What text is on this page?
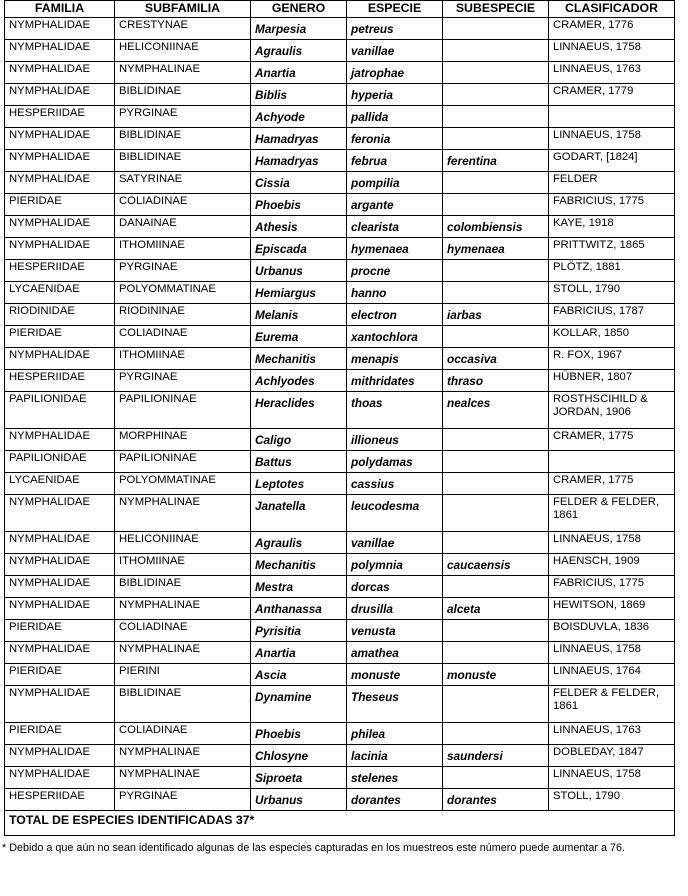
FAMILIA	SUBFAMILIA	GENERO	ESPECIE	SUBESPECIE	CLASIFICADOR
NYMPHALIDAE	CRESTYNAE	Marpesia	petreus		CRAMER, 1776
NYMPHALIDAE	HELICONIINAE	Agraulis	vanillae		LINNAEUS, 1758
NYMPHALIDAE	NYMPHALINAE	Anartia	jatrophae		LINNAEUS, 1763
NYMPHALIDAE	BIBLIDINAE	Biblis	hyperia		CRAMER, 1779
HESPERIIDAE	PYRGINAE	Achyode	pallida		
NYMPHALIDAE	BIBLIDINAE	Hamadryas	feronia		LINNAEUS, 1758
NYMPHALIDAE	BIBLIDINAE	Hamadryas	februa	ferentina	GODART, [1824]
NYMPHALIDAE	SATYRINAE	Cissia	pompilia		FELDER
PIERIDAE	COLIADINAE	Phoebis	argante		FABRICIUS, 1775
NYMPHALIDAE	DANAINAE	Athesis	clearista	colombiensis	KAYE, 1918
NYMPHALIDAE	ITHOMIINAE	Episcada	hymenaea	hymenaea	PRITTWITZ, 1865
HESPERIIDAE	PYRGINAE	Urbanus	procne		PLÖTZ, 1881
LYCAENIDAE	POLYOMMATINAE	Hemiargus	hanno		STOLL, 1790
RIODINIDAE	RIODININAE	Melanis	electron	iarbas	FABRICIUS, 1787
PIERIDAE	COLIADINAE	Eurema	xantochlora		KOLLAR, 1850
NYMPHALIDAE	ITHOMIINAE	Mechanitis	menapis	occasiva	R. FOX, 1967
HESPERIIDAE	PYRGINAE	Achlyodes	mithridates	thraso	HÜBNER, 1807
PAPILIONIDAE	PAPILIONINAE	Heraclides	thoas	nealces	ROSTHSCIHILD & JORDAN, 1906
NYMPHALIDAE	MORPHINAE	Caligo	illioneus		CRAMER, 1775
PAPILIONIDAE	PAPILIONINAE	Battus	polydamas		
LYCAENIDAE	POLYOMMATINAE	Leptotes	cassius		CRAMER, 1775
NYMPHALIDAE	NYMPHALINAE	Janatella	leucodesma		FELDER & FELDER, 1861
NYMPHALIDAE	HELICONIINAE	Agraulis	vanillae		LINNAEUS, 1758
NYMPHALIDAE	ITHOMIINAE	Mechanitis	polymnia	caucaensis	HAENSCH, 1909
NYMPHALIDAE	BIBLIDINAE	Mestra	dorcas		FABRICIUS, 1775
NYMPHALIDAE	NYMPHALINAE	Anthanassa	drusilla	alceta	HEWITSON, 1869
PIERIDAE	COLIADINAE	Pyrisitia	venusta		BOISDUVLA, 1836
NYMPHALIDAE	NYMPHALINAE	Anartia	amathea		LINNAEUS, 1758
PIERIDAE	PIERINI	Ascia	monuste	monuste	LINNAEUS, 1764
NYMPHALIDAE	BIBLIDINAE	Dynamine	Theseus		FELDER & FELDER, 1861
PIERIDAE	COLIADINAE	Phoebis	philea		LINNAEUS, 1763
NYMPHALIDAE	NYMPHALINAE	Chlosyne	lacinia	saundersi	DOBLEDAY, 1847
NYMPHALIDAE	NYMPHALINAE	Siproeta	stelenes		LINNAEUS, 1758
HESPERIIDAE	PYRGINAE	Urbanus	dorantes	dorantes	STOLL, 1790
TOTAL DE ESPECIES IDENTIFICADAS 37*					
* Debido a que aún no sean identificado algunas de las especies capturadas en los muestreos este número puede aumentar a 76.
